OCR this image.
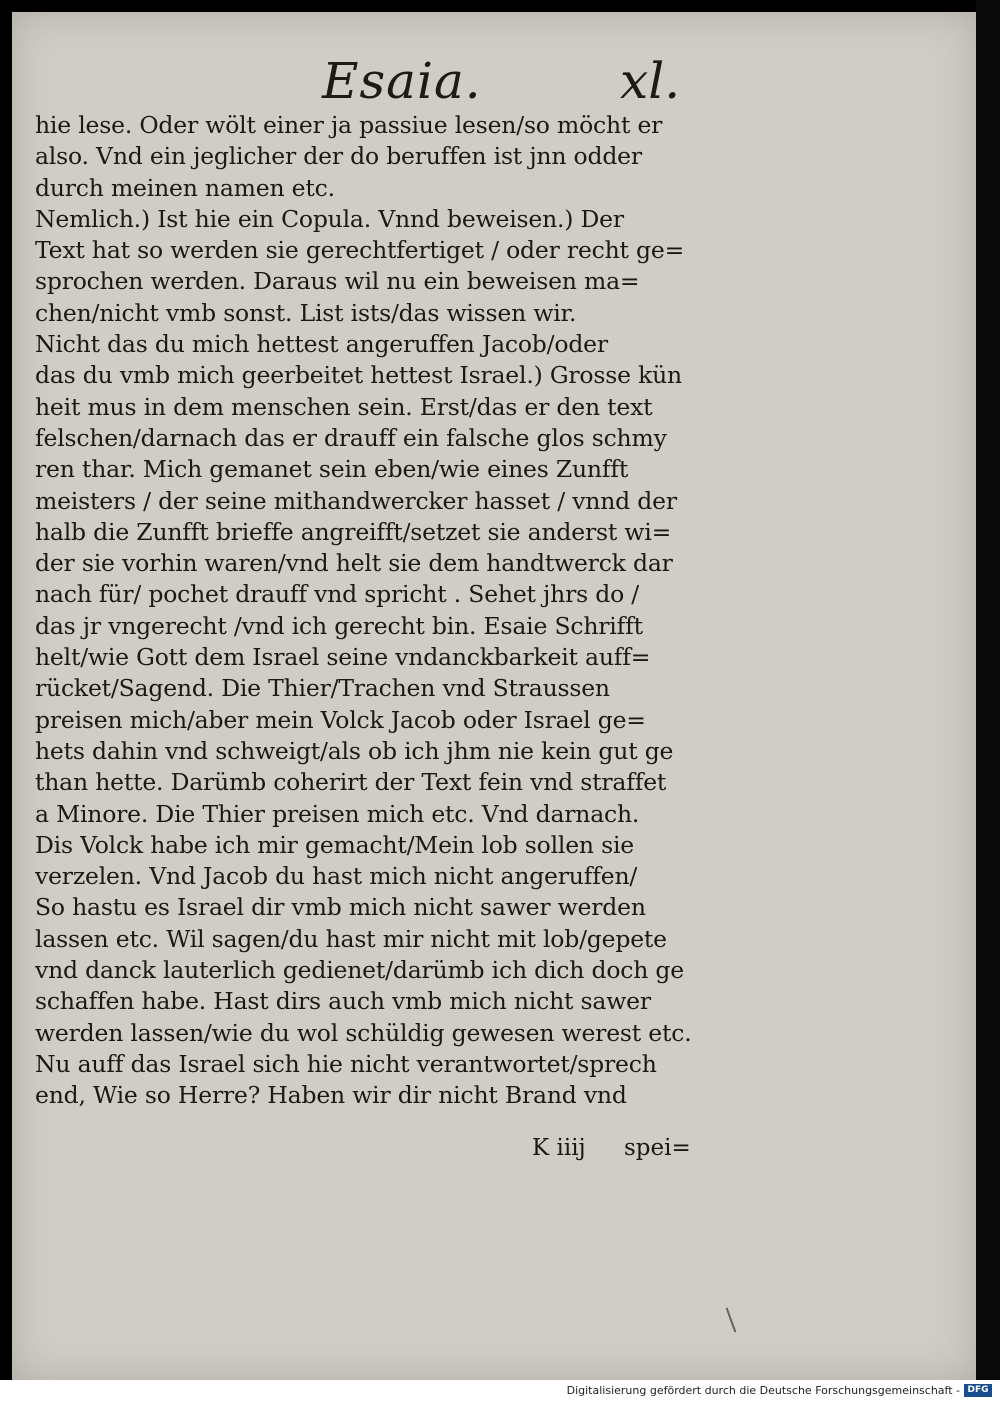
Esaia.	xl.
hie lese. Oder wölt einer ja passiue lesen/so möcht er
also. Vnd ein jeglicher der do beruffen ist jnn odder
durch meinen namen etc.
Nemlich.) Ist hie ein Copula. Vnnd beweisen.) Der
Text hat so werden sie gerechtfertiget / oder recht ge=
sprochen werden. Daraus wil nu ein beweisen ma=
chen/nicht vmb sonst. List ists/das wissen wir.
Nicht das du mich hettest angeruffen Jacob/oder
das du vmb mich geerbeitet hettest Israel.) Grosse kün
heit mus in dem menschen sein. Erst/das er den text
felschen/darnach das er drauff ein falsche glos schmy
ren thar. Mich gemanet sein eben/wie eines Zunfft
meisters / der seine mithandwercker hasset / vnnd der
halb die Zunfft brieffe angreifft/setzet sie anderst wi=
der sie vorhin waren/vnd helt sie dem handtwerck dar
nach für/ pochet drauff vnd spricht . Sehet jhrs do /
das jr vngerecht /vnd ich gerecht bin. Esaie Schrifft
helt/wie Gott dem Israel seine vndanckbarkeit auff=
rücket/Sagend. Die Thier/Trachen vnd Straussen
preisen mich/aber mein Volck Jacob oder Israel ge=
hets dahin vnd schweigt/als ob ich jhm nie kein gut ge
than hette. Darümb coherirt der Text fein vnd straffet
a Minore. Die Thier preisen mich etc. Vnd darnach.
Dis Volck habe ich mir gemacht/Mein lob sollen sie
verzelen. Vnd Jacob du hast mich nicht angeruffen/
So hastu es Israel dir vmb mich nicht sawer werden
lassen etc. Wil sagen/du hast mir nicht mit lob/gepete
vnd danck lauterlich gedienet/darümb ich dich doch ge
schaffen habe. Hast dirs auch vmb mich nicht sawer
werden lassen/wie du wol schüldig gewesen werest etc.
Nu auff das Israel sich hie nicht verantwortet/sprech
end, Wie so Herre? Haben wir dir nicht Brand vnd
K iiij spei=
Digitalisierung gefördert durch die Deutsche Forschungsgemeinschaft - DFG
